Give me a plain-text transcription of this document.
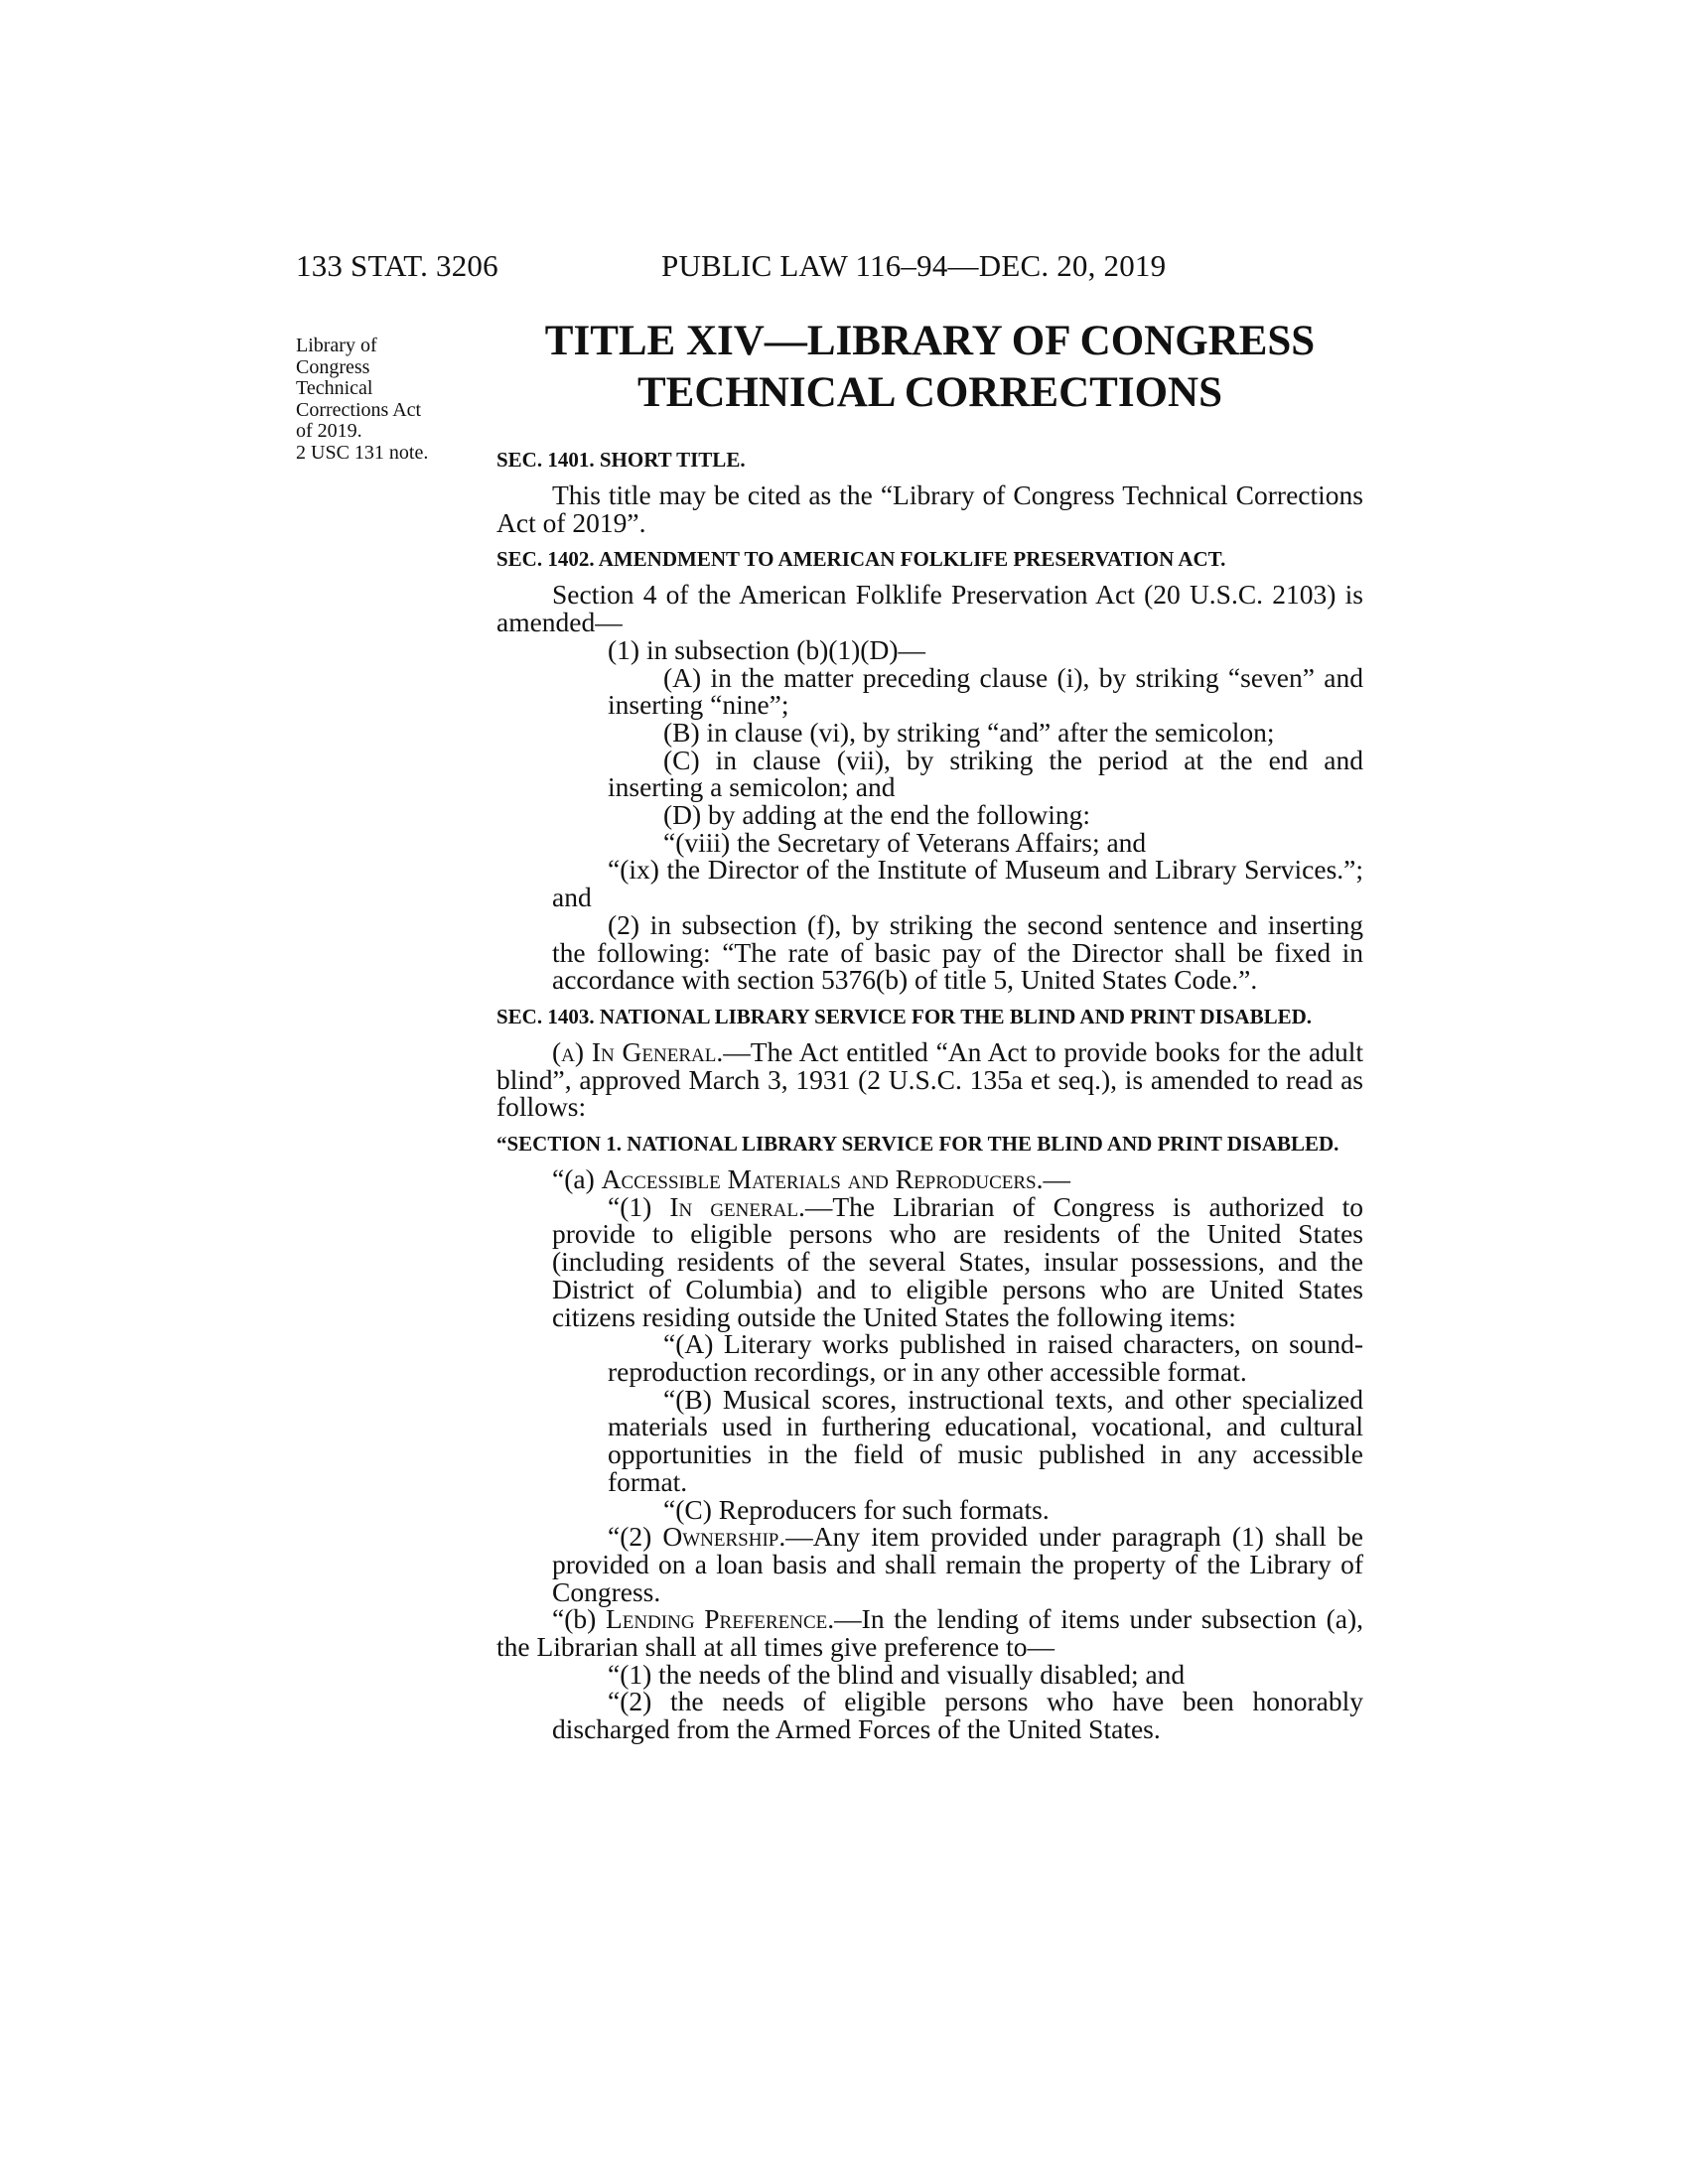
133 STAT. 3206	PUBLIC LAW 116–94—DEC. 20, 2019
Library of
Congress
Technical
Corrections Act
of 2019.
2 USC 131 note.
TITLE XIV—LIBRARY OF CONGRESS
TECHNICAL CORRECTIONS

SEC. 1401. SHORT TITLE.

This title may be cited as the “Library of Congress Technical Corrections Act of 2019”.

SEC. 1402. AMENDMENT TO AMERICAN FOLKLIFE PRESERVATION ACT.

Section 4 of the American Folklife Preservation Act (20 U.S.C. 2103) is amended—

(1) in subsection (b)(1)(D)—

(A) in the matter preceding clause (i), by striking “seven” and inserting “nine”;

(B) in clause (vi), by striking “and” after the semicolon;

(C) in clause (vii), by striking the period at the end and inserting a semicolon; and

(D) by adding at the end the following:

“(viii) the Secretary of Veterans Affairs; and

“(ix) the Director of the Institute of Museum and Library Services.”; and

(2) in subsection (f), by striking the second sentence and inserting the following: “The rate of basic pay of the Director shall be fixed in accordance with section 5376(b) of title 5, United States Code.”.

SEC. 1403. NATIONAL LIBRARY SERVICE FOR THE BLIND AND PRINT DISABLED.

(a) In General.—The Act entitled “An Act to provide books for the adult blind”, approved March 3, 1931 (2 U.S.C. 135a et seq.), is amended to read as follows:

“SECTION 1. NATIONAL LIBRARY SERVICE FOR THE BLIND AND PRINT DISABLED.

“(a) Accessible Materials and Reproducers.—

“(1) In general.—The Librarian of Congress is authorized to provide to eligible persons who are residents of the United States (including residents of the several States, insular possessions, and the District of Columbia) and to eligible persons who are United States citizens residing outside the United States the following items:

“(A) Literary works published in raised characters, on sound-reproduction recordings, or in any other accessible format.

“(B) Musical scores, instructional texts, and other specialized materials used in furthering educational, vocational, and cultural opportunities in the field of music published in any accessible format.

“(C) Reproducers for such formats.

“(2) Ownership.—Any item provided under paragraph (1) shall be provided on a loan basis and shall remain the property of the Library of Congress.

“(b) Lending Preference.—In the lending of items under subsection (a), the Librarian shall at all times give preference to—

“(1) the needs of the blind and visually disabled; and

“(2) the needs of eligible persons who have been honorably discharged from the Armed Forces of the United States.
